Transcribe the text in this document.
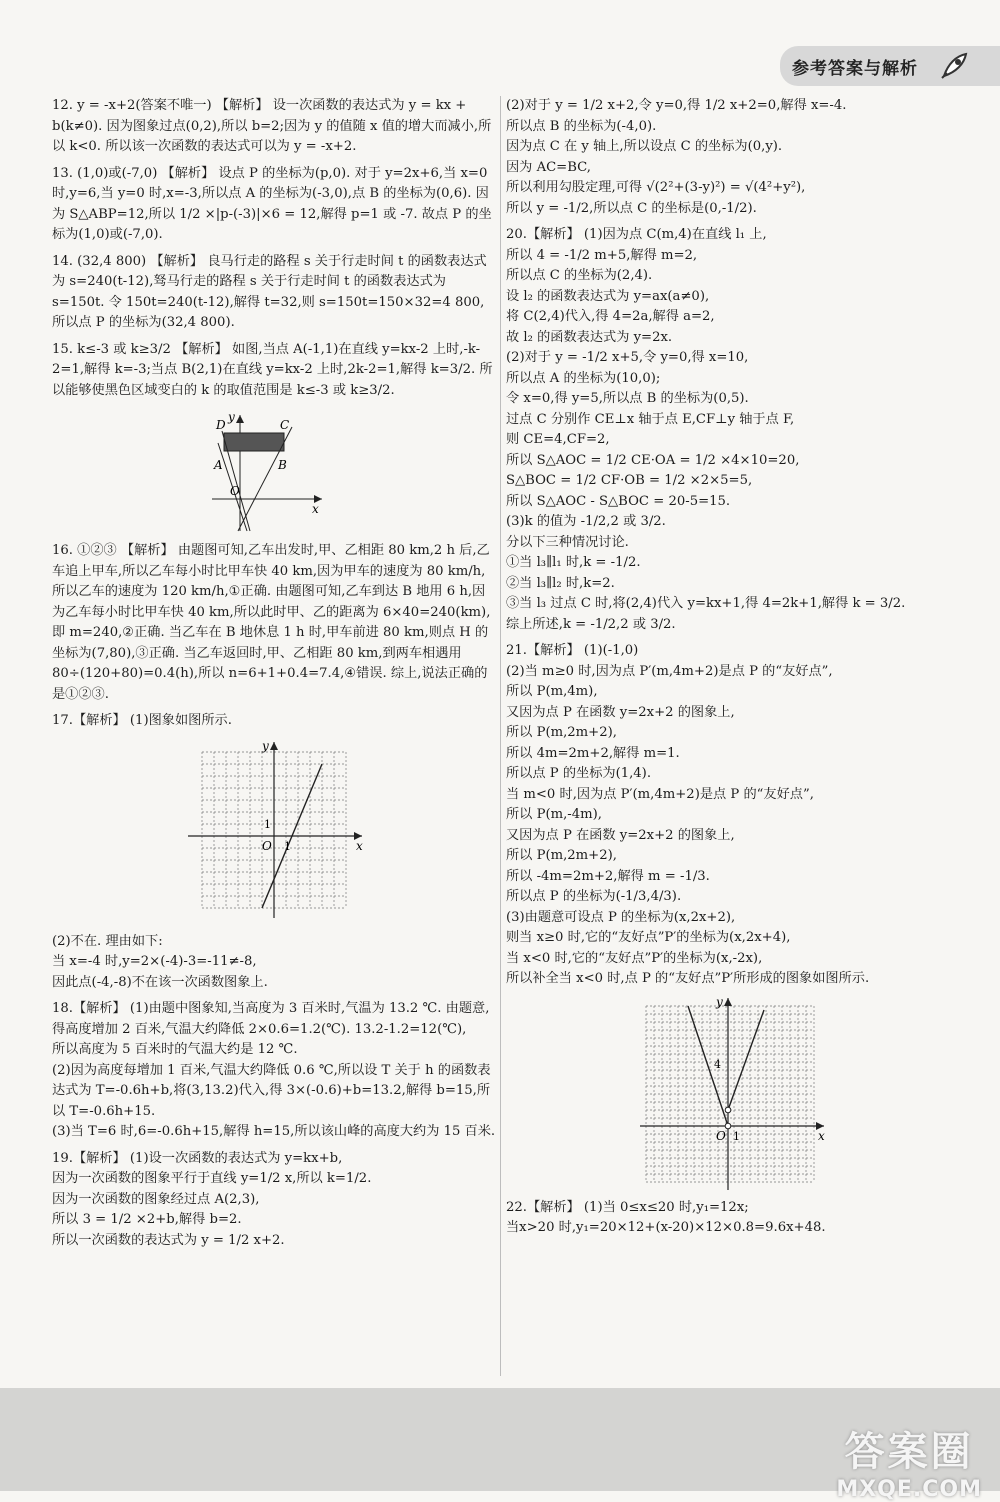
参考答案与解析

12. y = -x+2(答案不唯一) 【解析】 设一次函数的表达式为 y = kx + b(k≠0). 因为图象过点(0,2),所以 b=2;因为 y 的值随 x 值的增大而减小,所以 k<0. 所以该一次函数的表达式可以为 y = -x+2.

13. (1,0)或(-7,0) 【解析】 设点 P 的坐标为(p,0). 对于 y=2x+6,当 x=0 时,y=6,当 y=0 时,x=-3,所以点 A 的坐标为(-3,0),点 B 的坐标为(0,6). 因为 S△ABP=12,所以 1/2 ×|p-(-3)|×6 = 12,解得 p=1 或 -7. 故点 P 的坐标为(1,0)或(-7,0).

14. (32,4 800) 【解析】 良马行走的路程 s 关于行走时间 t 的函数表达式为 s=240(t-12),驽马行走的路程 s 关于行走时间 t 的函数表达式为 s=150t. 令 150t=240(t-12),解得 t=32,则 s=150t=150×32=4 800,所以点 P 的坐标为(32,4 800).

15. k≤-3 或 k≥3/2 【解析】 如图,当点 A(-1,1)在直线 y=kx-2 上时,-k-2=1,解得 k=-3;当点 B(2,1)在直线 y=kx-2 上时,2k-2=1,解得 k=3/2. 所以能够使黑色区域变白的 k 的取值范围是 k≤-3 或 k≥3/2.

y
D	C
A	B
O
x

16. ①②③ 【解析】 由题图可知,乙车出发时,甲、乙相距 80 km,2 h 后,乙车追上甲车,所以乙车每小时比甲车快 40 km,因为甲车的速度为 80 km/h,所以乙车的速度为 120 km/h,①正确. 由题图可知,乙车到达 B 地用 6 h,因为乙车每小时比甲车快 40 km,所以此时甲、乙的距离为 6×40=240(km),即 m=240,②正确. 当乙车在 B 地休息 1 h 时,甲车前进 80 km,则点 H 的坐标为(7,80),③正确. 当乙车返回时,甲、乙相距 80 km,到两车相遇用 80÷(120+80)=0.4(h),所以 n=6+1+0.4=7.4,④错误. 综上,说法正确的是①②③.

17.【解析】 (1)图象如图所示.

y
1
O 1	x

(2)不在. 理由如下:

当 x=-4 时,y=2×(-4)-3=-11≠-8,

因此点(-4,-8)不在该一次函数图象上.

18.【解析】 (1)由题中图象知,当高度为 3 百米时,气温为 13.2 ℃. 由题意,得高度增加 2 百米,气温大约降低 2×0.6=1.2(℃). 13.2-1.2=12(℃),

所以高度为 5 百米时的气温大约是 12 ℃.

(2)因为高度每增加 1 百米,气温大约降低 0.6 ℃,所以设 T 关于 h 的函数表达式为 T=-0.6h+b,将(3,13.2)代入,得 3×(-0.6)+b=13.2,解得 b=15,所以 T=-0.6h+15.

(3)当 T=6 时,6=-0.6h+15,解得 h=15,所以该山峰的高度大约为 15 百米.

19.【解析】 (1)设一次函数的表达式为 y=kx+b,

因为一次函数的图象平行于直线 y=1/2 x,所以 k=1/2.

因为一次函数的图象经过点 A(2,3),

所以 3 = 1/2 ×2+b,解得 b=2.

所以一次函数的表达式为 y = 1/2 x+2.

(2)对于 y = 1/2 x+2,令 y=0,得 1/2 x+2=0,解得 x=-4.

所以点 B 的坐标为(-4,0).

因为点 C 在 y 轴上,所以设点 C 的坐标为(0,y).

因为 AC=BC,

所以利用勾股定理,可得 √(2²+(3-y)²) = √(4²+y²),

所以 y = -1/2,所以点 C 的坐标是(0,-1/2).

20.【解析】 (1)因为点 C(m,4)在直线 l₁ 上,

所以 4 = -1/2 m+5,解得 m=2,

所以点 C 的坐标为(2,4).

设 l₂ 的函数表达式为 y=ax(a≠0),

将 C(2,4)代入,得 4=2a,解得 a=2,

故 l₂ 的函数表达式为 y=2x.

(2)对于 y = -1/2 x+5,令 y=0,得 x=10,

所以点 A 的坐标为(10,0);

令 x=0,得 y=5,所以点 B 的坐标为(0,5).

过点 C 分别作 CE⊥x 轴于点 E,CF⊥y 轴于点 F,

则 CE=4,CF=2,

所以 S△AOC = 1/2 CE·OA = 1/2 ×4×10=20,

S△BOC = 1/2 CF·OB = 1/2 ×2×5=5,

所以 S△AOC - S△BOC = 20-5=15.

(3)k 的值为 -1/2,2 或 3/2.

分以下三种情况讨论.

①当 l₃∥l₁ 时,k = -1/2.

②当 l₃∥l₂ 时,k=2.

③当 l₃ 过点 C 时,将(2,4)代入 y=kx+1,得 4=2k+1,解得 k = 3/2.

综上所述,k = -1/2,2 或 3/2.

21.【解析】 (1)(-1,0)

(2)当 m≥0 时,因为点 P′(m,4m+2)是点 P 的“友好点”,

所以 P(m,4m),

又因为点 P 在函数 y=2x+2 的图象上,

所以 P(m,2m+2),

所以 4m=2m+2,解得 m=1.

所以点 P 的坐标为(1,4).

当 m<0 时,因为点 P′(m,4m+2)是点 P 的“友好点”,

所以 P(m,-4m),

又因为点 P 在函数 y=2x+2 的图象上,

所以 P(m,2m+2),

所以 -4m=2m+2,解得 m = -1/3.

所以点 P 的坐标为(-1/3,4/3).

(3)由题意可设点 P 的坐标为(x,2x+2),

则当 x≥0 时,它的“友好点”P′的坐标为(x,2x+4),

当 x<0 时,它的“友好点”P′的坐标为(x,-2x),

所以补全当 x<0 时,点 P 的“友好点”P′所形成的图象如图所示.

y
4
O 1	x

22.【解析】 (1)当 0≤x≤20 时,y₁=12x;

当x>20 时,y₁=20×12+(x-20)×12×0.8=9.6x+48.

答案圈
MXQE.COM
